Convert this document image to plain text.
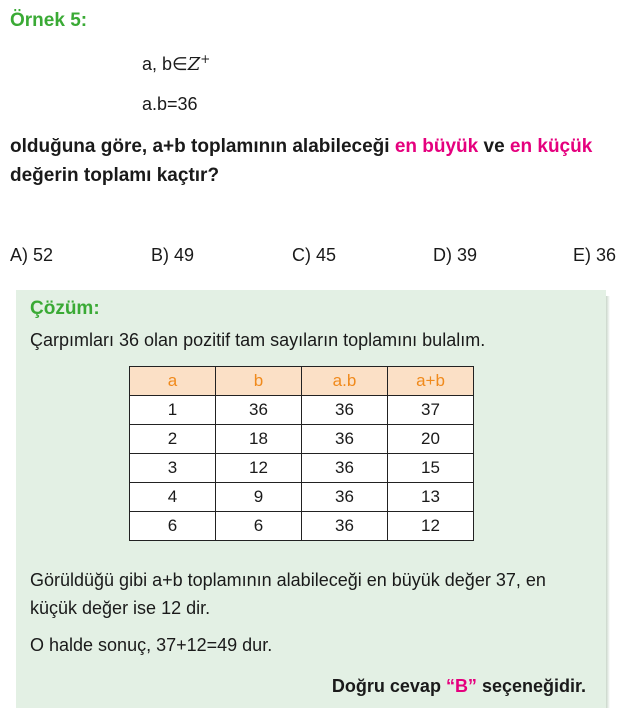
Örnek 5:
a, b∈Z+
a.b=36
olduğuna göre, a+b toplamının alabileceği en büyük ve en küçük değerin toplamı kaçtır?
A) 52	B) 49	C) 45	D) 39	E) 36
Çözüm:
Çarpımları 36 olan pozitif tam sayıların toplamını bulalım.
a	b	a.b	a+b
1	36	36	37
2	18	36	20
3	12	36	15
4	9	36	13
6	6	36	12
Görüldüğü gibi a+b toplamının alabileceği en büyük değer 37, en küçük değer ise 12 dir.
O halde sonuç, 37+12=49 dur.
Doğru cevap “B” seçeneğidir.
